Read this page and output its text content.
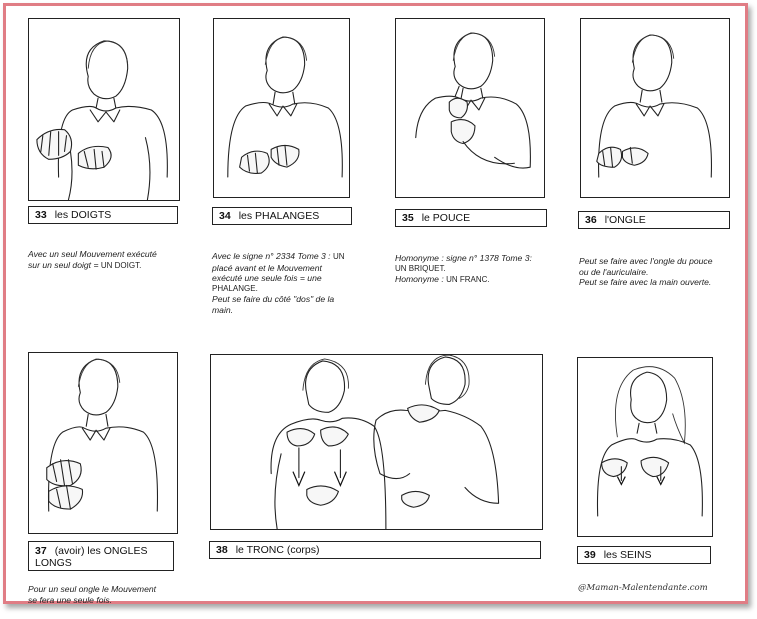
33 les DOIGTS	34 les PHALANGES	35 le POUCE	36 l'ONGLE
Avec un seul Mouvement exécuté
sur un seul doigt = UN DOIGT.
Avec le signe n° 2334 Tome 3 : UN
placé avant et le Mouvement
exécuté une seule fois = une
PHALANGE.
Peut se faire du côté "dos" de la
main.
Homonyme : signe n° 1378 Tome 3:
UN BRIQUET.
Homonyme : UN FRANC.
Peut se faire avec l'ongle du pouce
ou de l'auriculaire.
Peut se faire avec la main ouverte.
37 (avoir) les ONGLES
LONGS
38 le TRONC (corps)	39 les SEINS
Pour un seul ongle le Mouvement
se fera une seule fois.
@Maman-Malentendante.com
